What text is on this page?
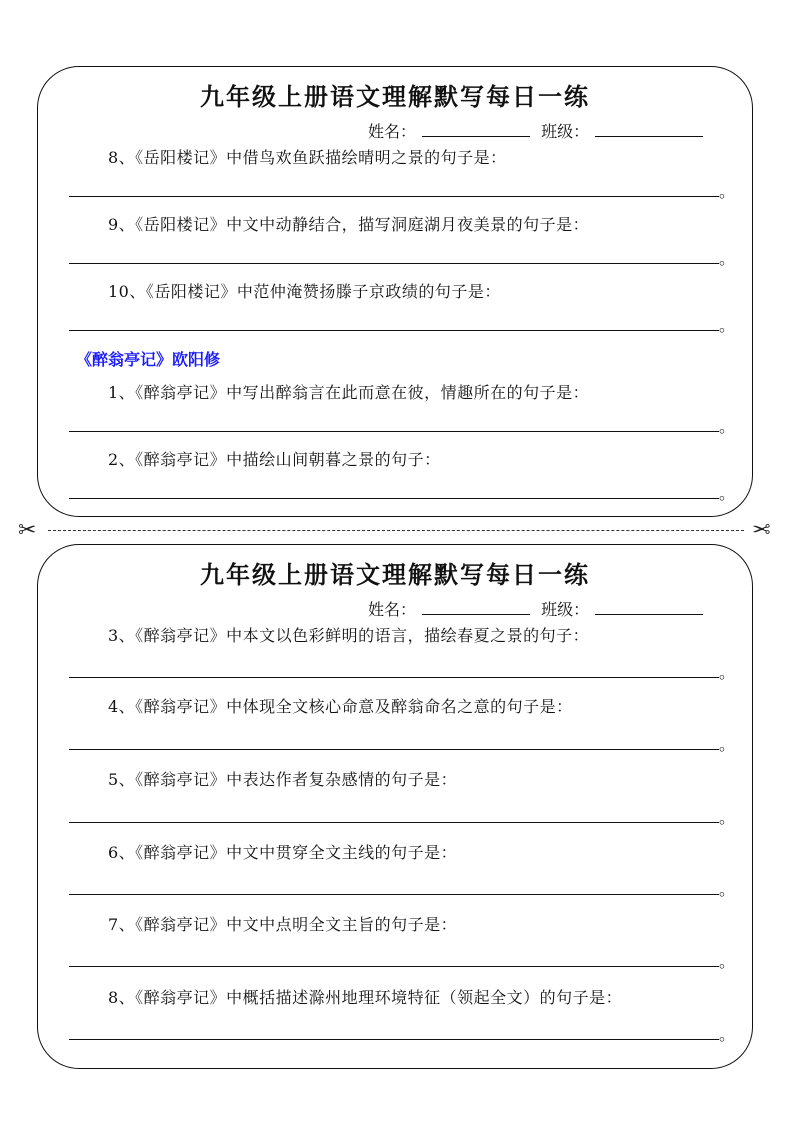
九年级上册语文理解默写每日一练
姓名：	班级：
8、《岳阳楼记》中借鸟欢鱼跃描绘晴明之景的句子是：
。
9、《岳阳楼记》中文中动静结合，描写洞庭湖月夜美景的句子是：
。
10、《岳阳楼记》中范仲淹赞扬滕子京政绩的句子是：
。
《醉翁亭记》欧阳修
1、《醉翁亭记》中写出醉翁言在此而意在彼，情趣所在的句子是：
。
2、《醉翁亭记》中描绘山间朝暮之景的句子：
。
✂	✂
九年级上册语文理解默写每日一练
姓名：	班级：
3、《醉翁亭记》中本文以色彩鲜明的语言，描绘春夏之景的句子：
。
4、《醉翁亭记》中体现全文核心命意及醉翁命名之意的句子是：
。
5、《醉翁亭记》中表达作者复杂感情的句子是：
。
6、《醉翁亭记》中文中贯穿全文主线的句子是：
。
7、《醉翁亭记》中文中点明全文主旨的句子是：
。
8、《醉翁亭记》中概括描述滁州地理环境特征（领起全文）的句子是：
。
